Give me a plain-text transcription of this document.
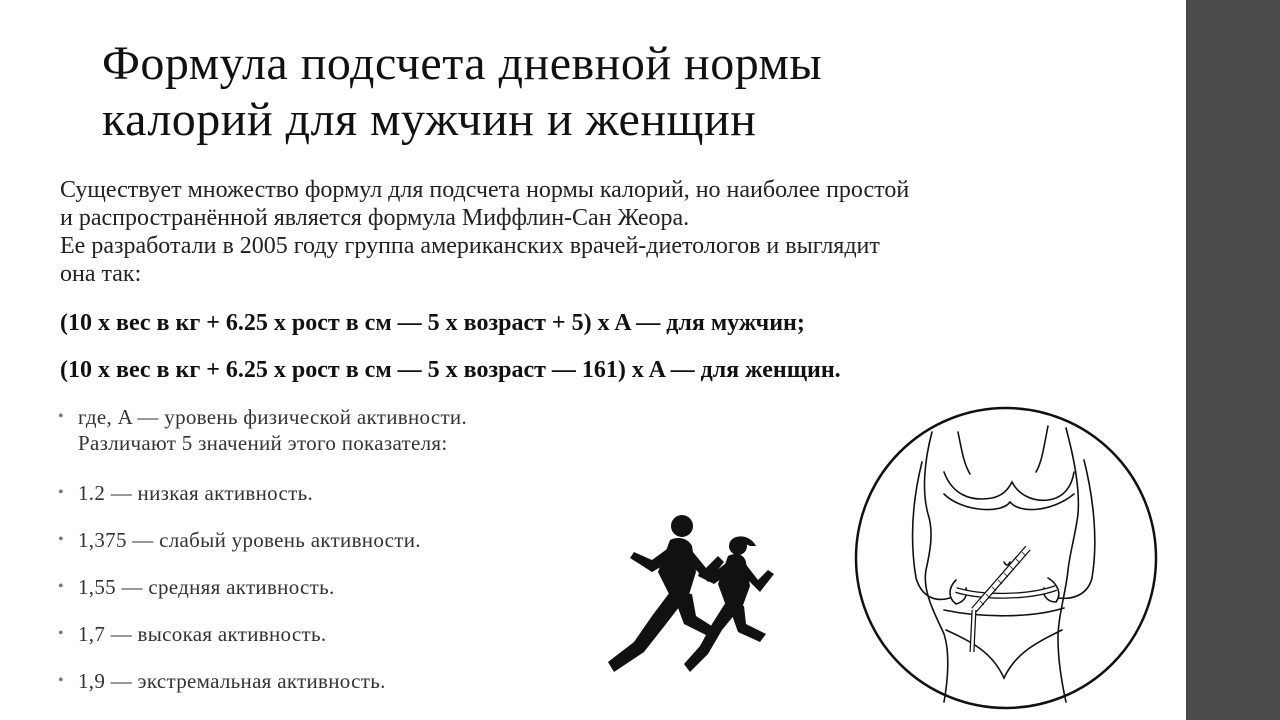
Формула подсчета дневной нормы
калорий для мужчин и женщин

Существует множество формул для подсчета нормы калорий, но наиболее простой

и распространённой является формула Миффлин-Сан Жеора.

Ее разработали в 2005 году группа американских врачей-диетологов и выглядит

она так:

(10 x вес в кг + 6.25 x рост в см — 5 x возраст + 5) x A — для мужчин;
(10 x вес в кг + 6.25 x рост в см — 5 x возраст — 161) x A — для женщин.
• где, A — уровень физической активности.
Различают 5 значений этого показателя:
• 1.2 — низкая активность.
• 1,375 — слабый уровень активности.
• 1,55 — средняя активность.
• 1,7 — высокая активность.
• 1,9 — экстремальная активность.
